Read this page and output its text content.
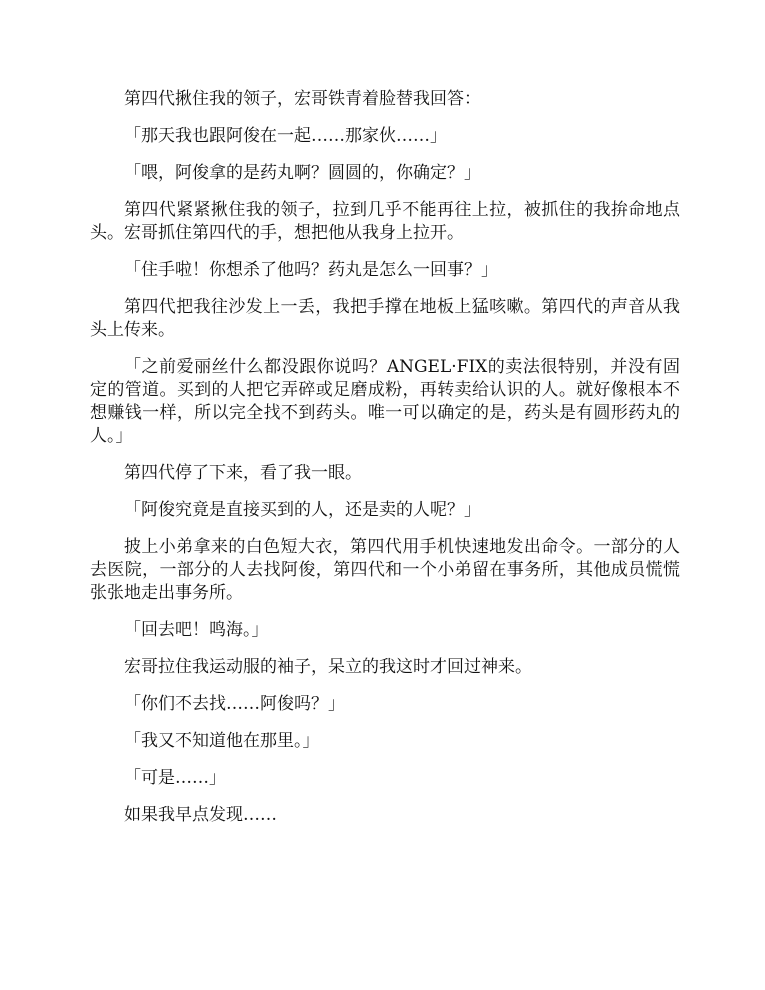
第四代揪住我的领子，宏哥铁青着脸替我回答：

「那天我也跟阿俊在一起……那家伙……」

「喂，阿俊拿的是药丸啊？圆圆的，你确定？」

第四代紧紧揪住我的领子，拉到几乎不能再往上拉，被抓住的我拚命地点头。宏哥抓住第四代的手，想把他从我身上拉开。

「住手啦！你想杀了他吗？药丸是怎么一回事？」

第四代把我往沙发上一丢，我把手撑在地板上猛咳嗽。第四代的声音从我头上传来。

「之前爱丽丝什么都没跟你说吗？ANGEL·FIX的卖法很特别，并没有固定的管道。买到的人把它弄碎或足磨成粉，再转卖给认识的人。就好像根本不想赚钱一样，所以完全找不到药头。唯一可以确定的是，药头是有圆形药丸的人。」

第四代停了下来，看了我一眼。

「阿俊究竟是直接买到的人，还是卖的人呢？」

披上小弟拿来的白色短大衣，第四代用手机快速地发出命令。一部分的人去医院，一部分的人去找阿俊，第四代和一个小弟留在事务所，其他成员慌慌张张地走出事务所。

「回去吧！鸣海。」

宏哥拉住我运动服的袖子，呆立的我这时才回过神来。

「你们不去找……阿俊吗？」

「我又不知道他在那里。」

「可是……」

如果我早点发现……
